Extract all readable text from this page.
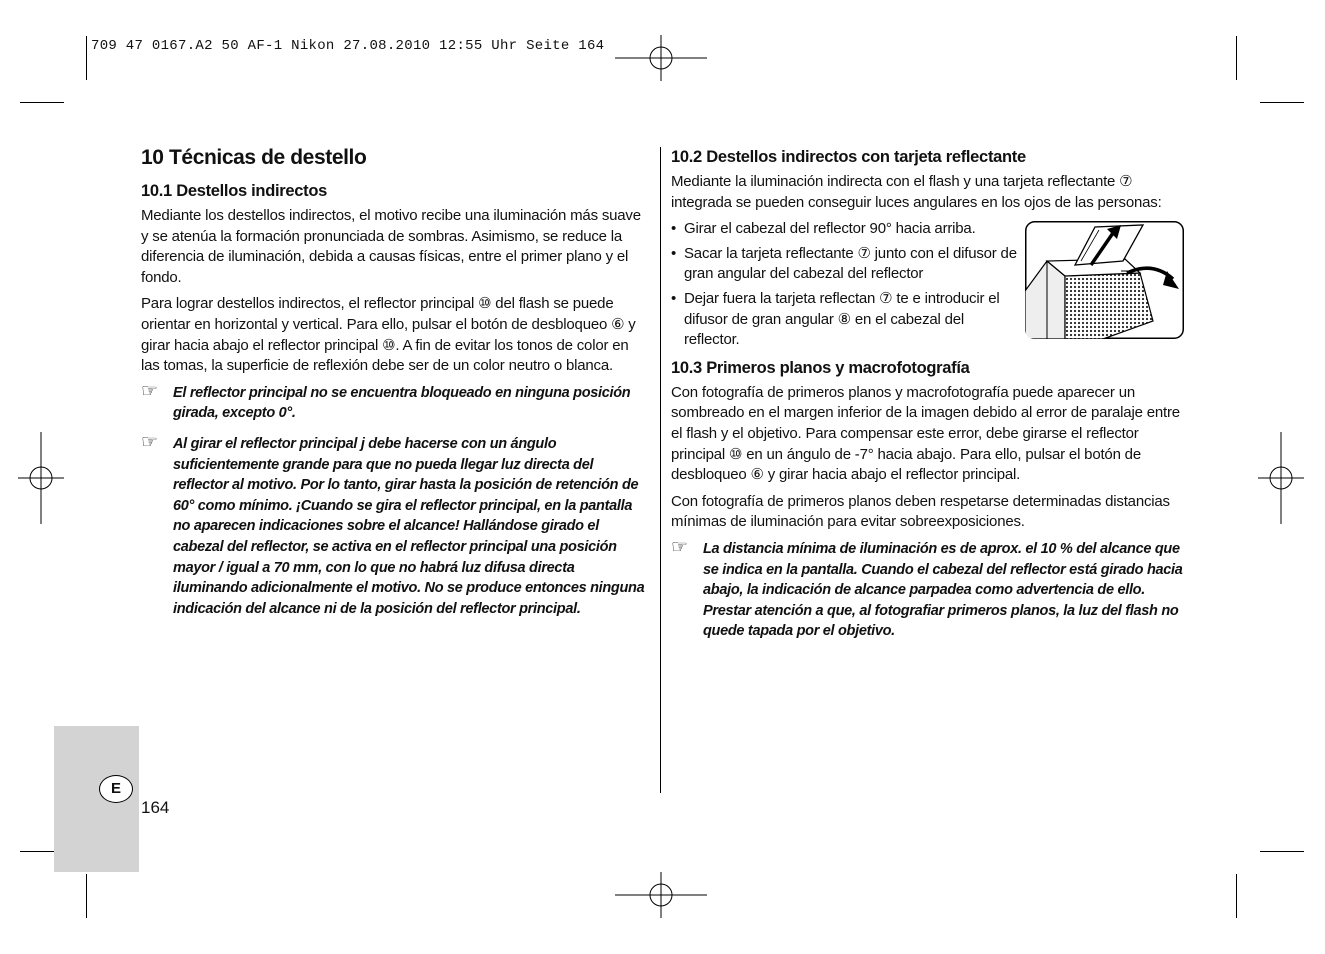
709 47 0167.A2 50 AF-1 Nikon 27.08.2010 12:55 Uhr Seite 164
10 Técnicas de destello
10.1 Destellos indirectos

Mediante los destellos indirectos, el motivo recibe una iluminación más suave y se atenúa la formación pronunciada de sombras. Asimismo, se reduce la diferencia de iluminación, debida a causas físicas, entre el primer plano y el fondo.

Para lograr destellos indirectos, el reflector principal ⑩ del flash se puede orientar en horizontal y vertical. Para ello, pulsar el botón de desbloqueo ⑥ y girar hacia abajo el reflector principal ⑩. A fin de evitar los tonos de color en las tomas, la superficie de reflexión debe ser de un color neutro o blanca.

☞ El reflector principal no se encuentra bloqueado en ninguna posición girada, excepto 0°.
☞ Al girar el reflector principal j debe hacerse con un ángulo suficientemente grande para que no pueda llegar luz directa del reflector al motivo. Por lo tanto, girar hasta la posición de retención de 60° como mínimo. ¡Cuando se gira el reflector principal, en la pantalla no aparecen indicaciones sobre el alcance! Hallándose girado el cabezal del reflector, se activa en el reflector principal una posición mayor / igual a 70 mm, con lo que no habrá luz difusa directa iluminando adicionalmente el motivo. No se produce entonces ninguna indicación del alcance ni de la posición del reflector principal.
10.2 Destellos indirectos con tarjeta reflectante

Mediante la iluminación indirecta con el flash y una tarjeta reflectante ⑦ integrada se pueden conseguir luces angulares en los ojos de las personas:

• Girar el cabezal del reflector 90° hacia arriba.
• Sacar la tarjeta reflectante ⑦ junto con el difusor de gran angular del cabezal del reflector
• Dejar fuera la tarjeta reflectan ⑦ te e introducir el difusor de gran angular ⑧ en el cabezal del reflector.
10.3 Primeros planos y macrofotografía

Con fotografía de primeros planos y macrofotografía puede aparecer un sombreado en el margen inferior de la imagen debido al error de paralaje entre el flash y el objetivo. Para compensar este error, debe girarse el reflector principal ⑩ en un ángulo de -7° hacia abajo. Para ello, pulsar el botón de desbloqueo ⑥ y girar hacia abajo el reflector principal.

Con fotografía de primeros planos deben respetarse determinadas distancias mínimas de iluminación para evitar sobreexposiciones.

☞ La distancia mínima de iluminación es de aprox. el 10 % del alcance que se indica en la pantalla. Cuando el cabezal del reflector está girado hacia abajo, la indicación de alcance parpadea como advertencia de ello. Prestar atención a que, al fotografiar primeros planos, la luz del flash no quede tapada por el objetivo.
E
164
